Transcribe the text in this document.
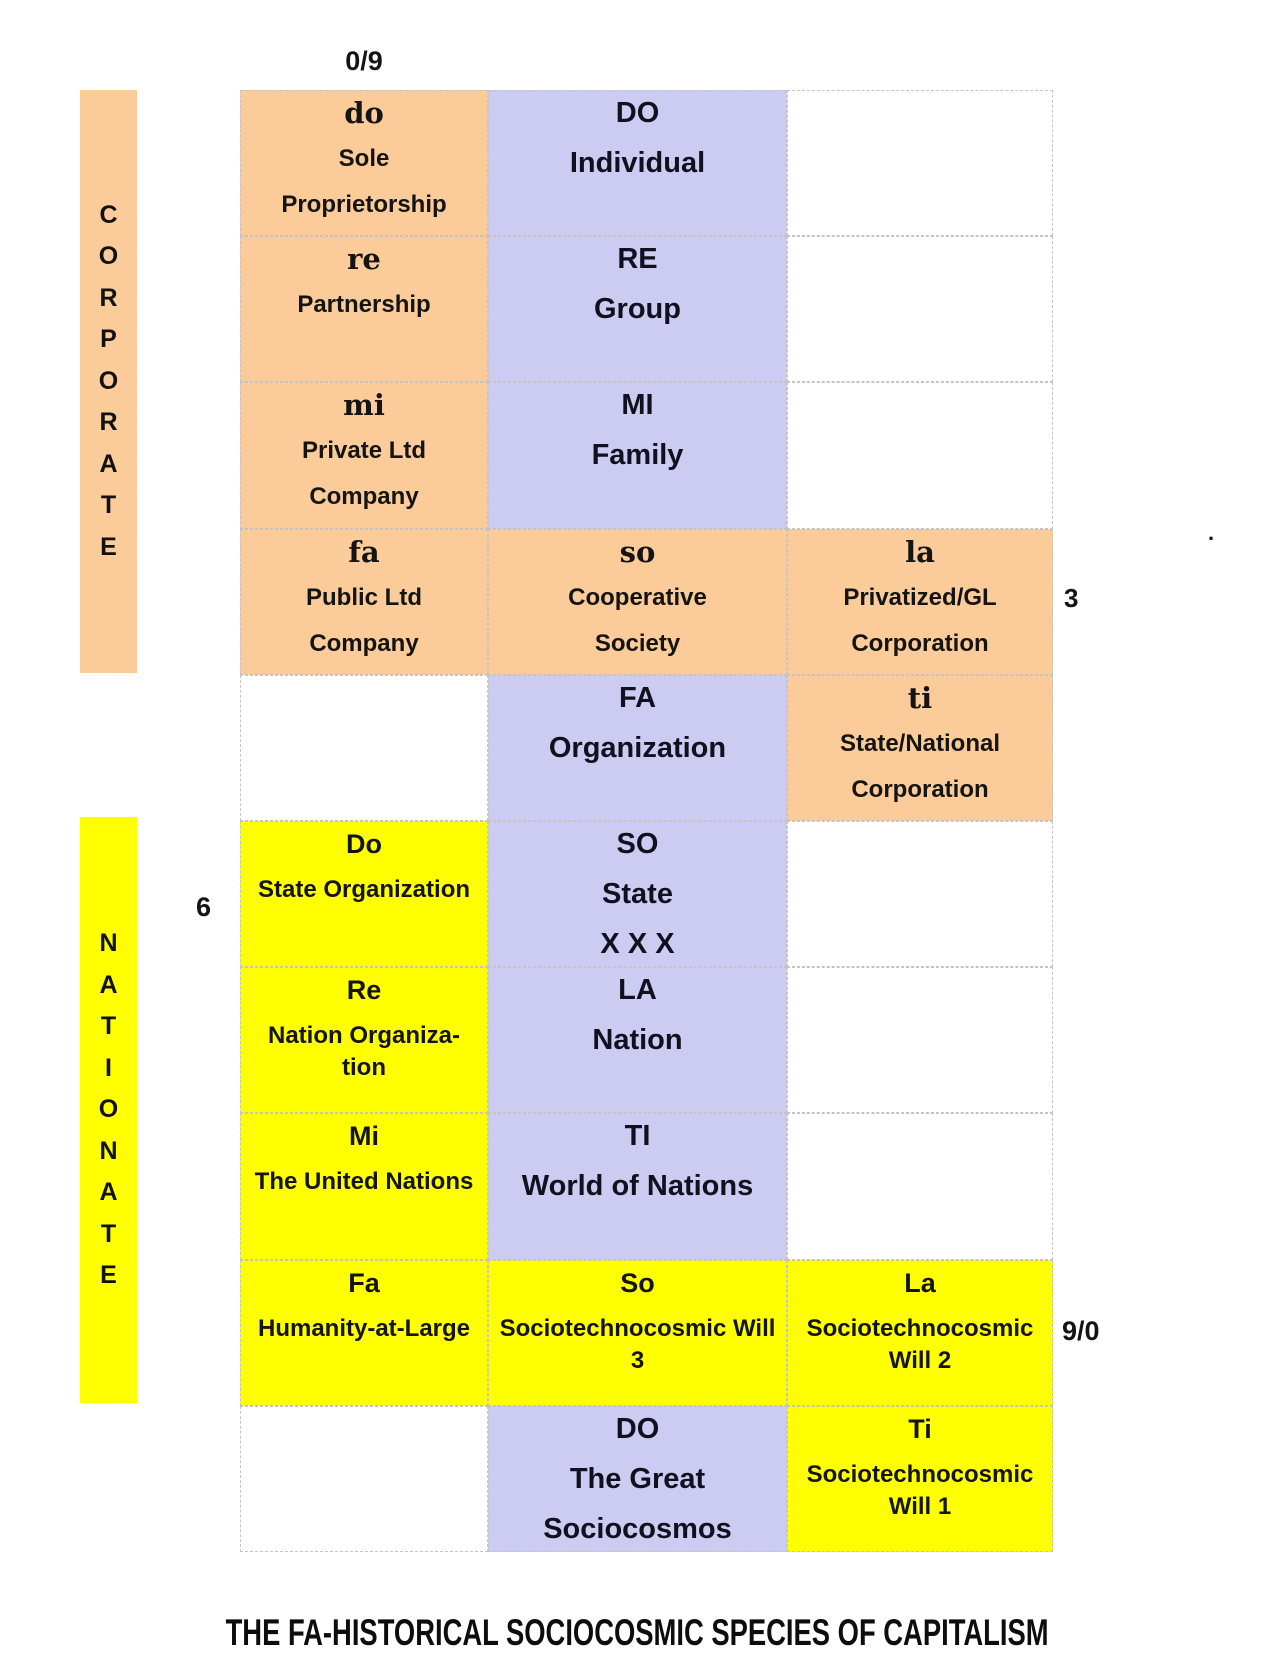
C
O
R
P
O
R
A
T
E
N
A
T
I
O
N
A
T
E
0/9
3
6
9/0
.
do
Sole
Proprietorship
DO
Individual
re
Partnership
RE
Group
mi
Private Ltd
Company
MI
Family
fa
Public Ltd
Company
so
Cooperative
Society
la
Privatized/GL
Corporation
FA
Organization
ti
State/National
Corporation
Do
State Organization
SO
State
X X X
Re
Nation Organiza-
tion
LA
Nation
Mi
The United Nations
TI
World of Nations
Fa
Humanity-at-Large
So
Sociotechnocosmic Will
3
La
Sociotechnocosmic
Will 2
DO
The Great
Sociocosmos
Ti
Sociotechnocosmic
Will 1
THE FA-HISTORICAL SOCIOCOSMIC SPECIES OF CAPITALISM
